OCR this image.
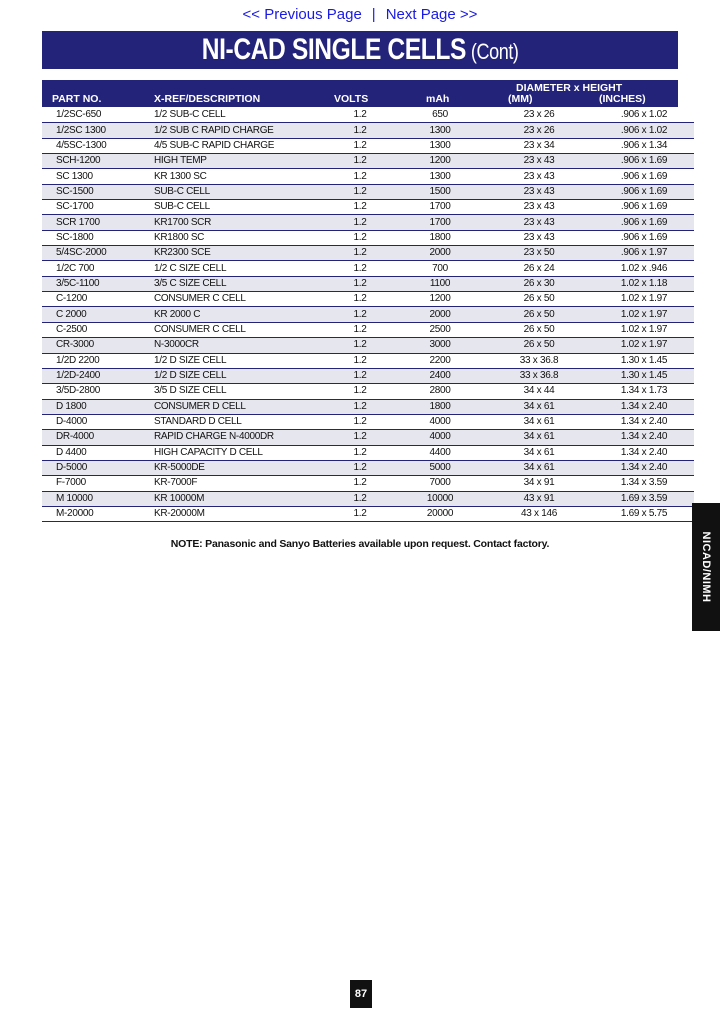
<< Previous Page | Next Page >>
NI-CAD SINGLE CELLS (Cont)
PART NO.	X-REF/DESCRIPTION	VOLTS	mAh
DIAMETER x HEIGHT
(MM)	(INCHES)
1/2SC-650	1/2 SUB-C CELL	1.2	650	23 x 26	.906 x 1.02
1/2SC 1300	1/2 SUB C RAPID CHARGE	1.2	1300	23 x 26	.906 x 1.02
4/5SC-1300	4/5 SUB-C RAPID CHARGE	1.2	1300	23 x 34	.906 x 1.34
SCH-1200	HIGH TEMP	1.2	1200	23 x 43	.906 x 1.69
SC 1300	KR 1300 SC	1.2	1300	23 x 43	.906 x 1.69
SC-1500	SUB-C CELL	1.2	1500	23 x 43	.906 x 1.69
SC-1700	SUB-C CELL	1.2	1700	23 x 43	.906 x 1.69
SCR 1700	KR1700 SCR	1.2	1700	23 x 43	.906 x 1.69
SC-1800	KR1800 SC	1.2	1800	23 x 43	.906 x 1.69
5/4SC-2000	KR2300 SCE	1.2	2000	23 x 50	.906 x 1.97
1/2C 700	1/2 C SIZE CELL	1.2	700	26 x 24	1.02 x .946
3/5C-1100	3/5 C SIZE CELL	1.2	1100	26 x 30	1.02 x 1.18
C-1200	CONSUMER C CELL	1.2	1200	26 x 50	1.02 x 1.97
C 2000	KR 2000 C	1.2	2000	26 x 50	1.02 x 1.97
C-2500	CONSUMER C CELL	1.2	2500	26 x 50	1.02 x 1.97
CR-3000	N-3000CR	1.2	3000	26 x 50	1.02 x 1.97
1/2D 2200	1/2 D SIZE CELL	1.2	2200	33 x 36.8	1.30 x 1.45
1/2D-2400	1/2 D SIZE CELL	1.2	2400	33 x 36.8	1.30 x 1.45
3/5D-2800	3/5 D SIZE CELL	1.2	2800	34 x 44	1.34 x 1.73
D 1800	CONSUMER D CELL	1.2	1800	34 x 61	1.34 x 2.40
D-4000	STANDARD D CELL	1.2	4000	34 x 61	1.34 x 2.40
DR-4000	RAPID CHARGE N-4000DR	1.2	4000	34 x 61	1.34 x 2.40
D 4400	HIGH CAPACITY D CELL	1.2	4400	34 x 61	1.34 x 2.40
D-5000	KR-5000DE	1.2	5000	34 x 61	1.34 x 2.40
F-7000	KR-7000F	1.2	7000	34 x 91	1.34 x 3.59
M 10000	KR 10000M	1.2	10000	43 x 91	1.69 x 3.59
M-20000	KR-20000M	1.2	20000	43 x 146	1.69 x 5.75
NOTE: Panasonic and Sanyo Batteries available upon request. Contact factory.	NICAD/NIMH
87
